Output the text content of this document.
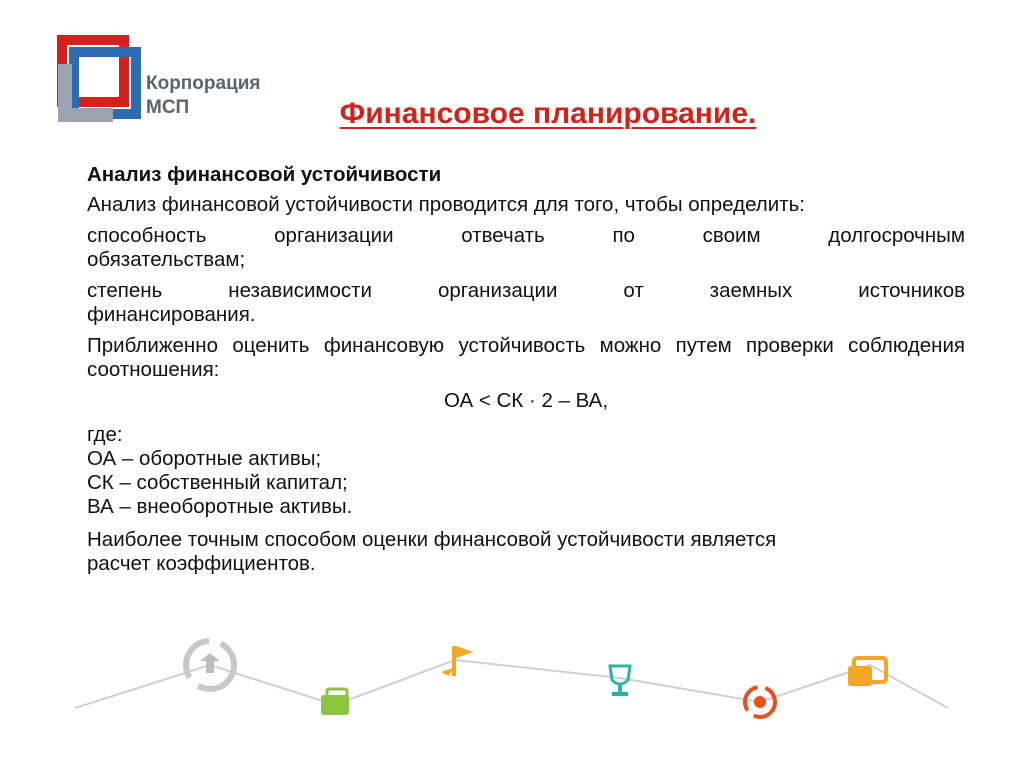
Корпорация
МСП	Финансовое планирование.

Анализ финансовой устойчивости

Анализ финансовой устойчивости проводится для того, чтобы определить:

способность организации отвечать по своим долгосрочным
обязательствам;

степень независимости организации от заемных источников
финансирования.

Приближенно оценить финансовую устойчивость можно путем проверки соблюдения соотношения:

ОА < СК · 2 – ВА,

где:

ОА – оборотные активы;

СК – собственный капитал;

ВА – внеоборотные активы.

Наиболее точным способом оценки финансовой устойчивости является
расчет коэффициентов.
